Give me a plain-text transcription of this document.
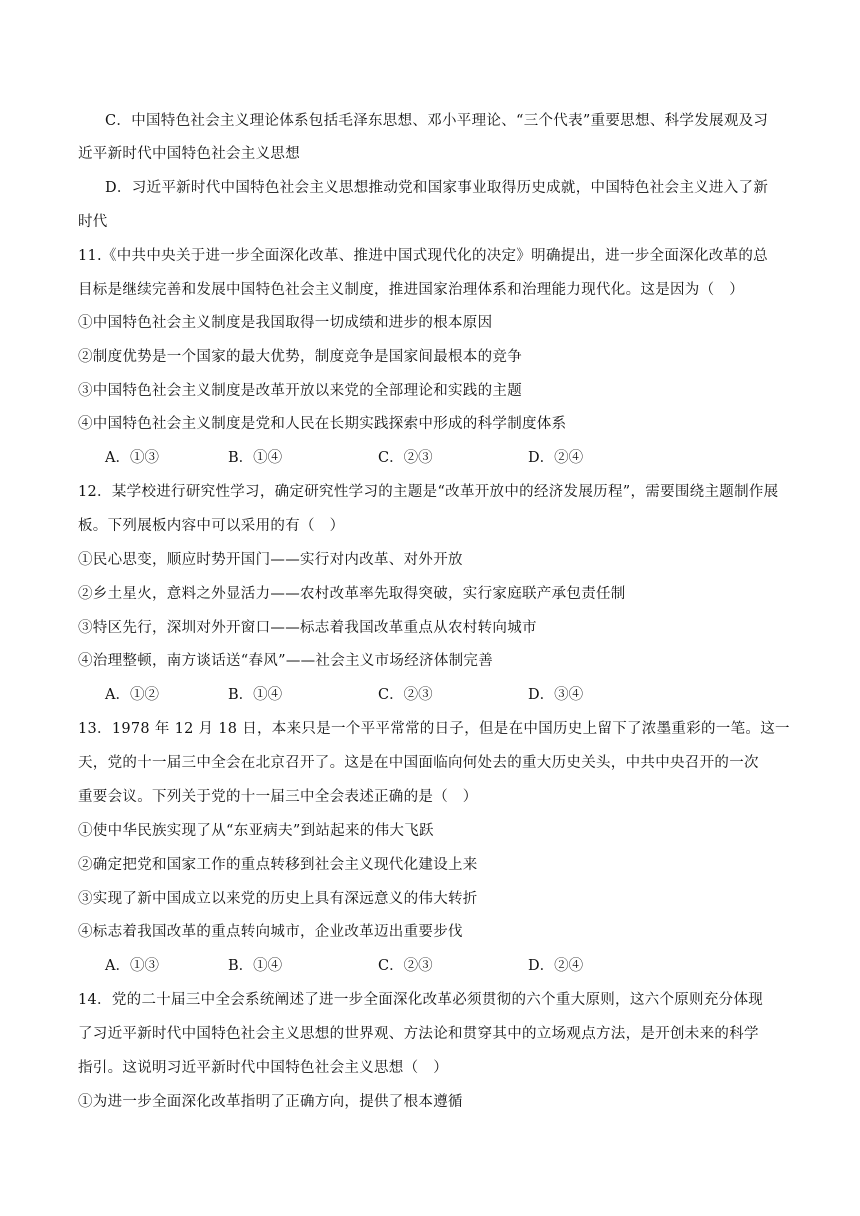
C．中国特色社会主义理论体系包括毛泽东思想、邓小平理论、“三个代表”重要思想、科学发展观及习
近平新时代中国特色社会主义思想
D．习近平新时代中国特色社会主义思想推动党和国家事业取得历史成就，中国特色社会主义进入了新
时代
11.《中共中央关于进一步全面深化改革、推进中国式现代化的决定》明确提出，进一步全面深化改革的总
目标是继续完善和发展中国特色社会主义制度，推进国家治理体系和治理能力现代化。这是因为（　）
①中国特色社会主义制度是我国取得一切成绩和进步的根本原因
②制度优势是一个国家的最大优势，制度竞争是国家间最根本的竞争
③中国特色社会主义制度是改革开放以来党的全部理论和实践的主题
④中国特色社会主义制度是党和人民在长期实践探索中形成的科学制度体系
A．①③	B．①④	C．②③	D．②④
12．某学校进行研究性学习，确定研究性学习的主题是“改革开放中的经济发展历程”，需要围绕主题制作展
板。下列展板内容中可以采用的有（　）
①民心思变，顺应时势开国门——实行对内改革、对外开放
②乡土星火，意料之外显活力——农村改革率先取得突破，实行家庭联产承包责任制
③特区先行，深圳对外开窗口——标志着我国改革重点从农村转向城市
④治理整顿，南方谈话送“春风”——社会主义市场经济体制完善
A．①②	B．①④	C．②③	D．③④
13．1978 年 12 月 18 日，本来只是一个平平常常的日子，但是在中国历史上留下了浓墨重彩的一笔。这一
天，党的十一届三中全会在北京召开了。这是在中国面临向何处去的重大历史关头，中共中央召开的一次
重要会议。下列关于党的十一届三中全会表述正确的是（　）
①使中华民族实现了从“东亚病夫”到站起来的伟大飞跃
②确定把党和国家工作的重点转移到社会主义现代化建设上来
③实现了新中国成立以来党的历史上具有深远意义的伟大转折
④标志着我国改革的重点转向城市，企业改革迈出重要步伐
A．①③	B．①④	C．②③	D．②④
14．党的二十届三中全会系统阐述了进一步全面深化改革必须贯彻的六个重大原则，这六个原则充分体现
了习近平新时代中国特色社会主义思想的世界观、方法论和贯穿其中的立场观点方法，是开创未来的科学
指引。这说明习近平新时代中国特色社会主义思想（　）
①为进一步全面深化改革指明了正确方向，提供了根本遵循
